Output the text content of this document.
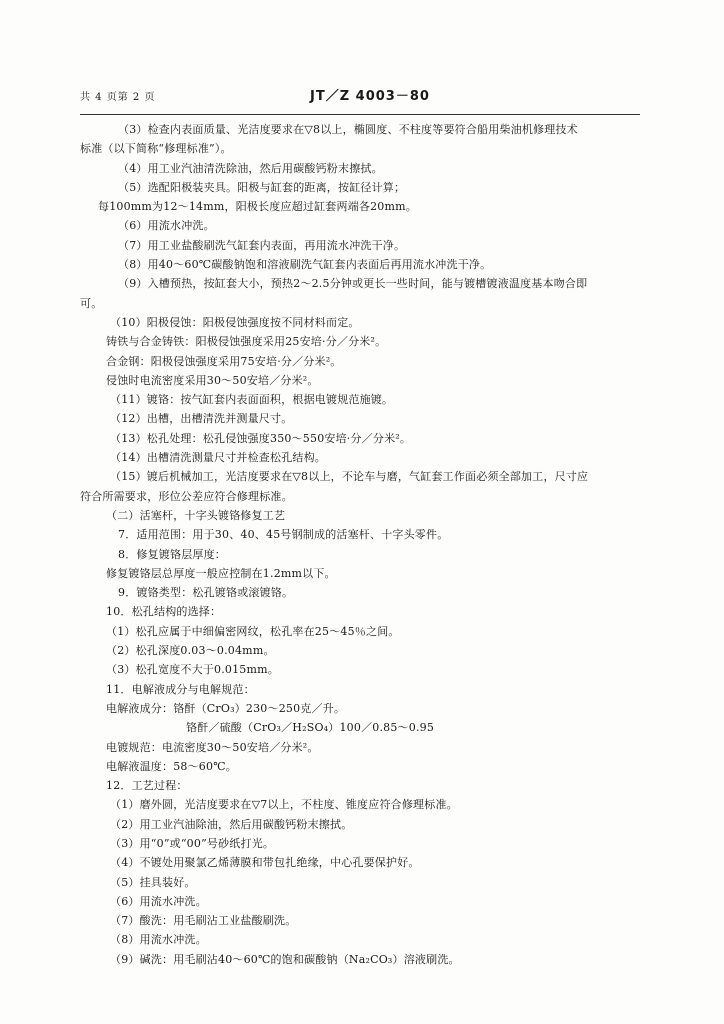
共 4 页第 2 页	JT／Z 4003－80
（3）检查内表面质量、光洁度要求在▽8以上，椭圆度、不柱度等要符合船用柴油机修理技术
标准（以下简称“修理标准”）。
（4）用工业汽油清洗除油，然后用碳酸钙粉末擦拭。
（5）选配阳极装夹具。阳极与缸套的距离，按缸径计算；
每100mm为12～14mm，阳极长度应超过缸套两端各20mm。
（6）用流水冲洗。
（7）用工业盐酸刷洗气缸套内表面，再用流水冲洗干净。
（8）用40～60℃碳酸钠饱和溶液刷洗气缸套内表面后再用流水冲洗干净。
（9）入槽预热，按缸套大小，预热2～2.5分钟或更长一些时间，能与镀槽镀液温度基本吻合即
可。
（10）阳极侵蚀：阳极侵蚀强度按不同材料而定。
铸铁与合金铸铁：阳极侵蚀强度采用25安培·分／分米²。
合金钢：阳极侵蚀强度采用75安培·分／分米²。
侵蚀时电流密度采用30～50安培／分米²。
（11）镀铬：按气缸套内表面面积，根据电镀规范施镀。
（12）出槽，出槽清洗并测量尺寸。
（13）松孔处理：松孔侵蚀强度350～550安培·分／分米²。
（14）出槽清洗测量尺寸并检查松孔结构。
（15）镀后机械加工，光洁度要求在▽8以上，不论车与磨，气缸套工作面必须全部加工，尺寸应
符合所需要求，形位公差应符合修理标准。
（二）活塞杆，十字头镀铬修复工艺
7．适用范围：用于30、40、45号钢制成的活塞杆、十字头零件。
8．修复镀铬层厚度：
修复镀铬层总厚度一般应控制在1.2mm以下。
9．镀铬类型：松孔镀铬或滚镀铬。
10．松孔结构的选择：
（1）松孔应属于中细偏密网纹，松孔率在25～45％之间。
（2）松孔深度0.03～0.04mm。
（3）松孔宽度不大于0.015mm。
11．电解液成分与电解规范：
电解液成分：铬酐（CrO₃）230～250克／升。
铬酐／硫酸（CrO₃／H₂SO₄）100／0.85～0.95
电镀规范：电流密度30～50安培／分米²。
电解液温度：58～60℃。
12．工艺过程：
（1）磨外圆，光洁度要求在▽7以上，不柱度、锥度应符合修理标准。
（2）用工业汽油除油，然后用碳酸钙粉末擦拭。
（3）用“0”或“00”号砂纸打光。
（4）不镀处用聚氯乙烯薄膜和带包扎绝缘，中心孔要保护好。
（5）挂具装好。
（6）用流水冲洗。
（7）酸洗：用毛刷沾工业盐酸刷洗。
（8）用流水冲洗。
（9）碱洗：用毛刷沾40～60℃的饱和碳酸钠（Na₂CO₃）溶液刷洗。
